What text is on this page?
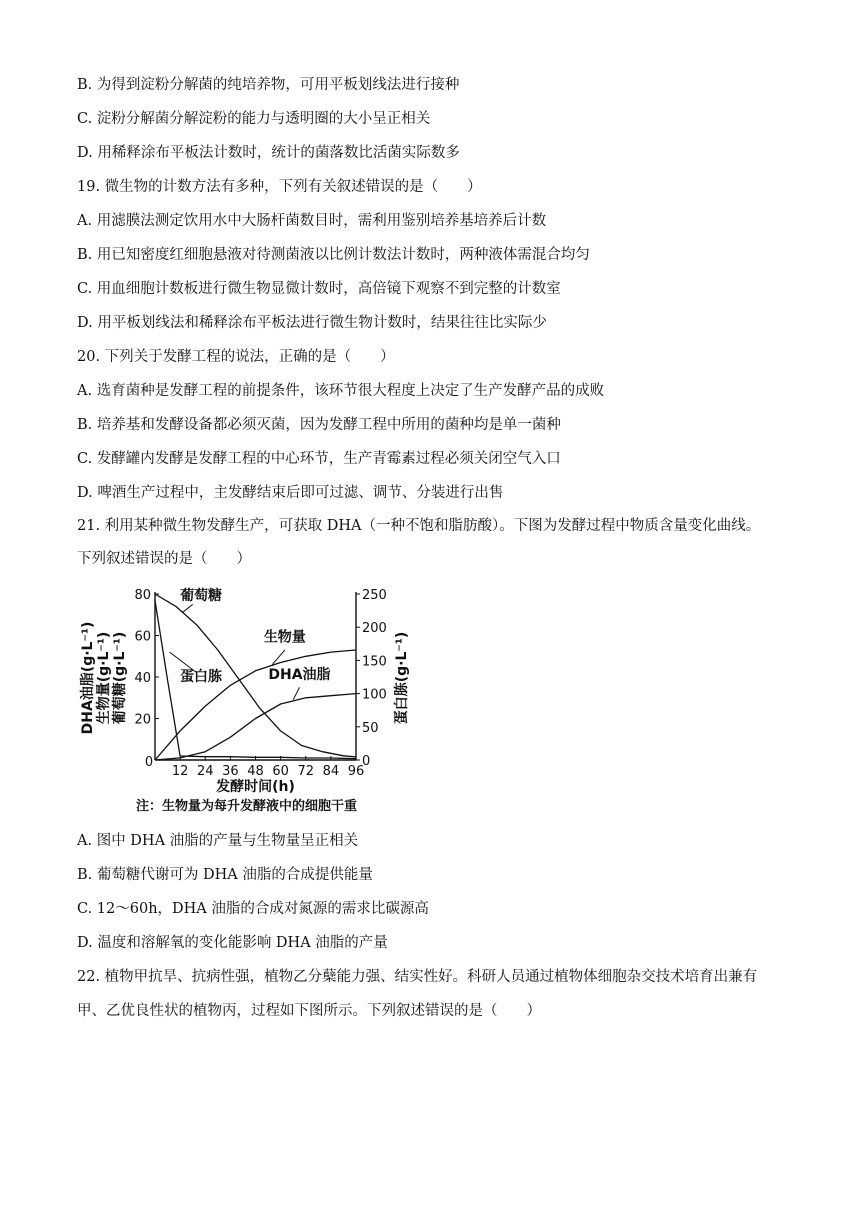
B. 为得到淀粉分解菌的纯培养物，可用平板划线法进行接种
C. 淀粉分解菌分解淀粉的能力与透明圈的大小呈正相关
D. 用稀释涂布平板法计数时，统计的菌落数比活菌实际数多
19. 微生物的计数方法有多种，下列有关叙述错误的是（　　）
A. 用滤膜法测定饮用水中大肠杆菌数目时，需利用鉴别培养基培养后计数
B. 用已知密度红细胞悬液对待测菌液以比例计数法计数时，两种液体需混合均匀
C. 用血细胞计数板进行微生物显微计数时，高倍镜下观察不到完整的计数室
D. 用平板划线法和稀释涂布平板法进行微生物计数时，结果往往比实际少
20. 下列关于发酵工程的说法，正确的是（　　）
A. 选育菌种是发酵工程的前提条件，该环节很大程度上决定了生产发酵产品的成败
B. 培养基和发酵设备都必须灭菌，因为发酵工程中所用的菌种均是单一菌种
C. 发酵罐内发酵是发酵工程的中心环节，生产青霉素过程必须关闭空气入口
D. 啤酒生产过程中，主发酵结束后即可过滤、调节、分装进行出售
21. 利用某种微生物发酵生产，可获取 DHA（一种不饱和脂肪酸）。下图为发酵过程中物质含量变化曲线。
下列叙述错误的是（　　）
A. 图中 DHA 油脂的产量与生物量呈正相关
B. 葡萄糖代谢可为 DHA 油脂的合成提供能量
C. 12～60h，DHA 油脂的合成对氮源的需求比碳源高
D. 温度和溶解氧的变化能影响 DHA 油脂的产量
22. 植物甲抗旱、抗病性强，植物乙分蘖能力强、结实性好。科研人员通过植物体细胞杂交技术培育出兼有
甲、乙优良性状的植物丙，过程如下图所示。下列叙述错误的是（　　）
0
12 24 36 48 60 72 84 96
发酵时间(h)
20
40
60
80
0
50
100
150
200
250
DHA油脂(g·L⁻¹) 生物量(g·L⁻¹) 葡萄糖(g·L⁻¹)	蛋白胨(g·L⁻¹)
葡萄糖
生物量
DHA油脂
蛋白胨
注：生物量为每升发酵液中的细胞干重
